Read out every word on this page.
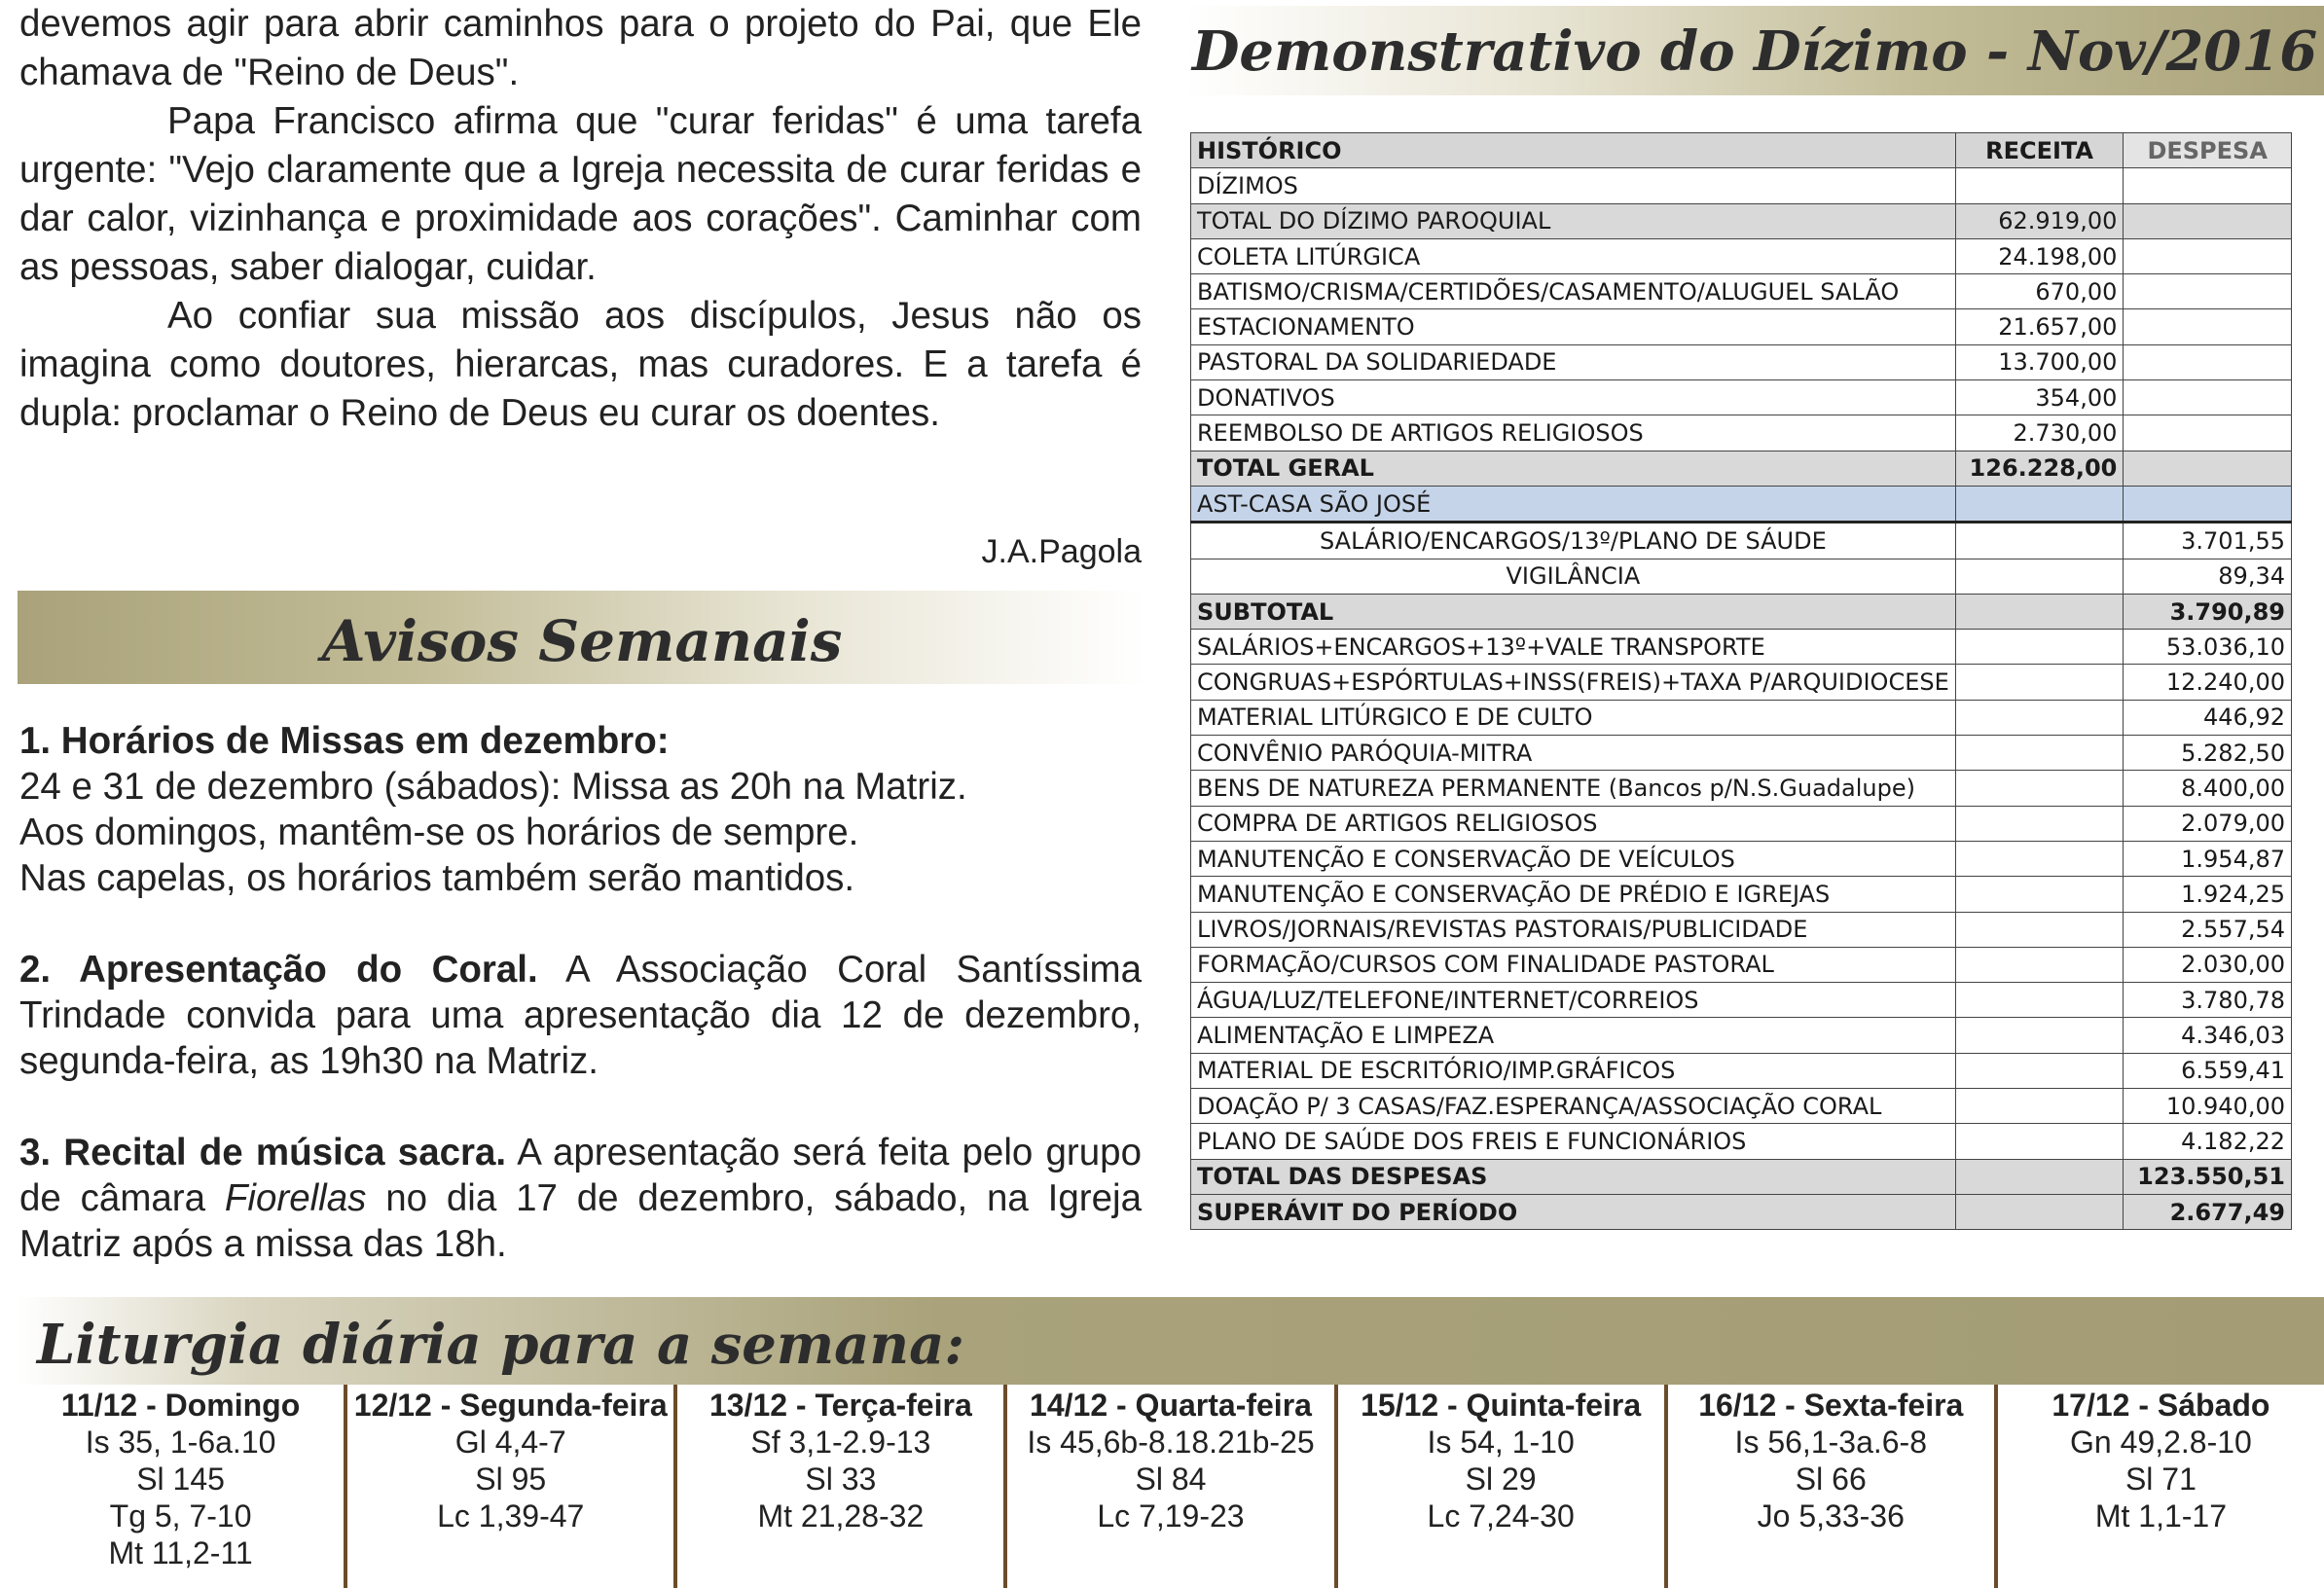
devemos agir para abrir caminhos para o projeto do Pai, que Ele chamava de "Reino de Deus".

Papa Francisco afirma que "curar feridas" é uma tarefa urgente: "Vejo claramente que a Igreja necessita de curar feridas e dar calor, vizinhança e proximidade aos corações". Caminhar com as pessoas, saber dialogar, cuidar.

Ao confiar sua missão aos discípulos, Jesus não os imagina como doutores, hierarcas, mas curadores. E a tarefa é dupla: proclamar o Reino de Deus eu curar os doentes.

J.A.Pagola
Avisos Semanais

1. Horários de Missas em dezembro:
24 e 31 de dezembro (sábados): Missa as 20h na Matriz.
Aos domingos, mantêm-se os horários de sempre.
Nas capelas, os horários também serão mantidos.

2. Apresentação do Coral. A Associação Coral Santíssima Trindade convida para uma apresentação dia 12 de dezembro, segunda-feira, as 19h30 na Matriz.

3. Recital de música sacra. A apresentação será feita pelo grupo de câmara Fiorellas no dia 17 de dezembro, sábado, na Igreja Matriz após a missa das 18h.

Demonstrativo do Dízimo - Nov/2016
HISTÓRICO	RECEITA	DESPESA
DÍZIMOS		
TOTAL DO DÍZIMO PAROQUIAL	62.919,00	
COLETA LITÚRGICA	24.198,00	
BATISMO/CRISMA/CERTIDÕES/CASAMENTO/ALUGUEL SALÃO	670,00	
ESTACIONAMENTO	21.657,00	
PASTORAL DA SOLIDARIEDADE	13.700,00	
DONATIVOS	354,00	
REEMBOLSO DE ARTIGOS RELIGIOSOS	2.730,00	
TOTAL GERAL	126.228,00	
AST-CASA SÃO JOSÉ		
SALÁRIO/ENCARGOS/13º/PLANO DE SÁUDE		3.701,55
VIGILÂNCIA		89,34
SUBTOTAL		3.790,89
SALÁRIOS+ENCARGOS+13º+VALE TRANSPORTE		53.036,10
CONGRUAS+ESPÓRTULAS+INSS(FREIS)+TAXA P/ARQUIDIOCESE		12.240,00
MATERIAL LITÚRGICO E DE CULTO		446,92
CONVÊNIO PARÓQUIA-MITRA		5.282,50
BENS DE NATUREZA PERMANENTE (Bancos p/N.S.Guadalupe)		8.400,00
COMPRA DE ARTIGOS RELIGIOSOS		2.079,00
MANUTENÇÃO E CONSERVAÇÃO DE VEÍCULOS		1.954,87
MANUTENÇÃO E CONSERVAÇÃO DE PRÉDIO E IGREJAS		1.924,25
LIVROS/JORNAIS/REVISTAS PASTORAIS/PUBLICIDADE		2.557,54
FORMAÇÃO/CURSOS COM FINALIDADE PASTORAL		2.030,00
ÁGUA/LUZ/TELEFONE/INTERNET/CORREIOS		3.780,78
ALIMENTAÇÃO E LIMPEZA		4.346,03
MATERIAL DE ESCRITÓRIO/IMP.GRÁFICOS		6.559,41
DOAÇÃO P/ 3 CASAS/FAZ.ESPERANÇA/ASSOCIAÇÃO CORAL		10.940,00
PLANO DE SAÚDE DOS FREIS E FUNCIONÁRIOS		4.182,22
TOTAL DAS DESPESAS		123.550,51
SUPERÁVIT DO PERÍODO		2.677,49
Liturgia diária para a semana:
11/12 - Domingo
Is 35, 1-6a.10
Sl 145
Tg 5, 7-10
Mt 11,2-11
12/12 - Segunda-feira
Gl 4,4-7
Sl 95
Lc 1,39-47
13/12 - Terça-feira
Sf 3,1-2.9-13
Sl 33
Mt 21,28-32
14/12 - Quarta-feira
Is 45,6b-8.18.21b-25
Sl 84
Lc 7,19-23
15/12 - Quinta-feira
Is 54, 1-10
Sl 29
Lc 7,24-30
16/12 - Sexta-feira
Is 56,1-3a.6-8
Sl 66
Jo 5,33-36
17/12 - Sábado
Gn 49,2.8-10
Sl 71
Mt 1,1-17
